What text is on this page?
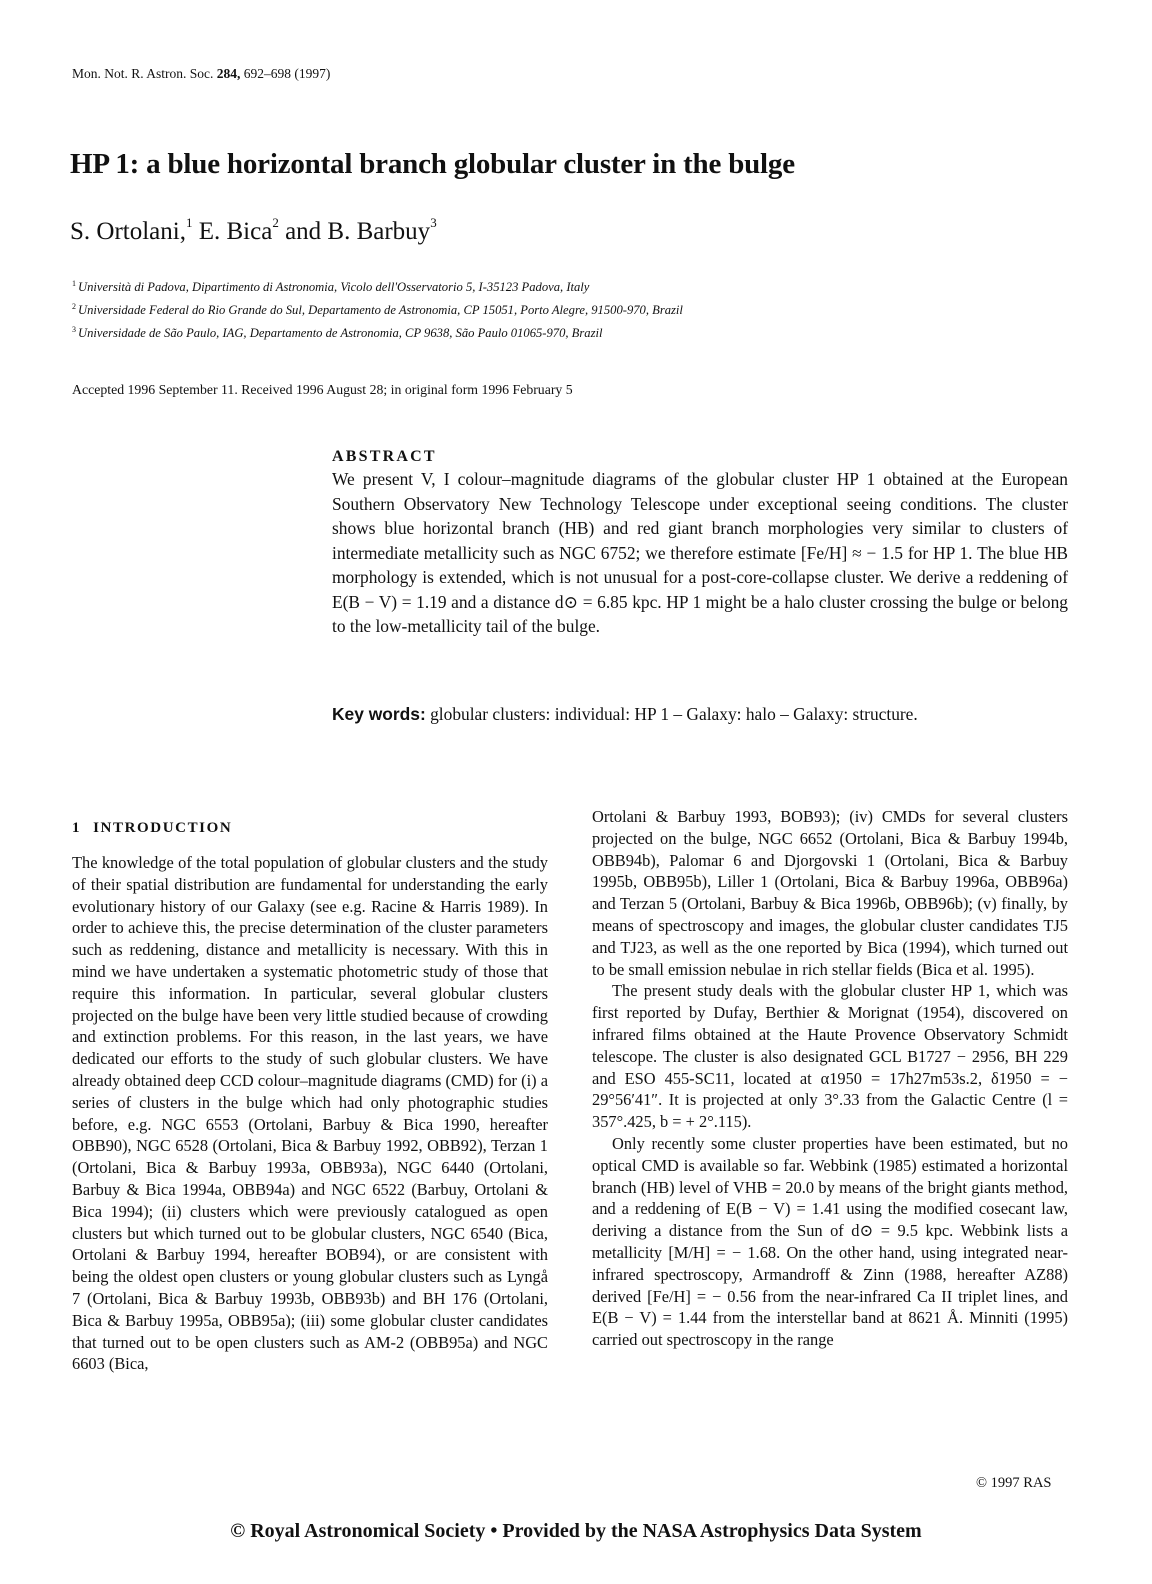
Mon. Not. R. Astron. Soc. 284, 692–698 (1997)
HP 1: a blue horizontal branch globular cluster in the bulge
S. Ortolani,$^1$ E. Bica$^2$ and B. Barbuy$^3$
$^1$ Università di Padova, Dipartimento di Astronomia, Vicolo dell'Osservatorio 5, I-35123 Padova, Italy
$^2$ Universidade Federal do Rio Grande do Sul, Departamento de Astronomia, CP 15051, Porto Alegre, 91500-970, Brazil
$^3$ Universidade de São Paulo, IAG, Departamento de Astronomia, CP 9638, São Paulo 01065-970, Brazil
Accepted 1996 September 11. Received 1996 August 28; in original form 1996 February 5
ABSTRACT
We present V, I colour–magnitude diagrams of the globular cluster HP 1 obtained at the European Southern Observatory New Technology Telescope under exceptional seeing conditions. The cluster shows blue horizontal branch (HB) and red giant branch morphologies very similar to clusters of intermediate metallicity such as NGC 6752; we therefore estimate [Fe/H] ≈ − 1.5 for HP 1. The blue HB morphology is extended, which is not unusual for a post-core-collapse cluster. We derive a reddening of E(B − V) = 1.19 and a distance d⊙ = 6.85 kpc. HP 1 might be a halo cluster crossing the bulge or belong to the low-metallicity tail of the bulge.
Key words: globular clusters: individual: HP 1 – Galaxy: halo – Galaxy: structure.
1 INTRODUCTION

The knowledge of the total population of globular clusters and the study of their spatial distribution are fundamental for understanding the early evolutionary history of our Galaxy (see e.g. Racine & Harris 1989). In order to achieve this, the precise determination of the cluster parameters such as reddening, distance and metallicity is necessary. With this in mind we have undertaken a systematic photometric study of those that require this information. In particular, several globular clusters projected on the bulge have been very little studied because of crowding and extinction problems. For this reason, in the last years, we have dedicated our efforts to the study of such globular clusters. We have already obtained deep CCD colour–magnitude diagrams (CMD) for (i) a series of clusters in the bulge which had only photographic studies before, e.g. NGC 6553 (Ortolani, Barbuy & Bica 1990, hereafter OBB90), NGC 6528 (Ortolani, Bica & Barbuy 1992, OBB92), Terzan 1 (Ortolani, Bica & Barbuy 1993a, OBB93a), NGC 6440 (Ortolani, Barbuy & Bica 1994a, OBB94a) and NGC 6522 (Barbuy, Ortolani & Bica 1994); (ii) clusters which were previously catalogued as open clusters but which turned out to be globular clusters, NGC 6540 (Bica, Ortolani & Barbuy 1994, hereafter BOB94), or are consistent with being the oldest open clusters or young globular clusters such as Lyngå 7 (Ortolani, Bica & Barbuy 1993b, OBB93b) and BH 176 (Ortolani, Bica & Barbuy 1995a, OBB95a); (iii) some globular cluster candidates that turned out to be open clusters such as AM-2 (OBB95a) and NGC 6603 (Bica,

Ortolani & Barbuy 1993, BOB93); (iv) CMDs for several clusters projected on the bulge, NGC 6652 (Ortolani, Bica & Barbuy 1994b, OBB94b), Palomar 6 and Djorgovski 1 (Ortolani, Bica & Barbuy 1995b, OBB95b), Liller 1 (Ortolani, Bica & Barbuy 1996a, OBB96a) and Terzan 5 (Ortolani, Barbuy & Bica 1996b, OBB96b); (v) finally, by means of spectroscopy and images, the globular cluster candidates TJ5 and TJ23, as well as the one reported by Bica (1994), which turned out to be small emission nebulae in rich stellar fields (Bica et al. 1995).

The present study deals with the globular cluster HP 1, which was first reported by Dufay, Berthier & Morignat (1954), discovered on infrared films obtained at the Haute Provence Observatory Schmidt telescope. The cluster is also designated GCL B1727 − 2956, BH 229 and ESO 455-SC11, located at α1950 = 17h27m53s.2, δ1950 = − 29°56′41″. It is projected at only 3°.33 from the Galactic Centre (l = 357°.425, b = + 2°.115).

Only recently some cluster properties have been estimated, but no optical CMD is available so far. Webbink (1985) estimated a horizontal branch (HB) level of VHB = 20.0 by means of the bright giants method, and a reddening of E(B − V) = 1.41 using the modified cosecant law, deriving a distance from the Sun of d⊙ = 9.5 kpc. Webbink lists a metallicity [M/H] = − 1.68. On the other hand, using integrated near-infrared spectroscopy, Armandroff & Zinn (1988, hereafter AZ88) derived [Fe/H] = − 0.56 from the near-infrared Ca II triplet lines, and E(B − V) = 1.44 from the interstellar band at 8621 Å. Minniti (1995) carried out spectroscopy in the range

© 1997 RAS
© Royal Astronomical Society • Provided by the NASA Astrophysics Data System
